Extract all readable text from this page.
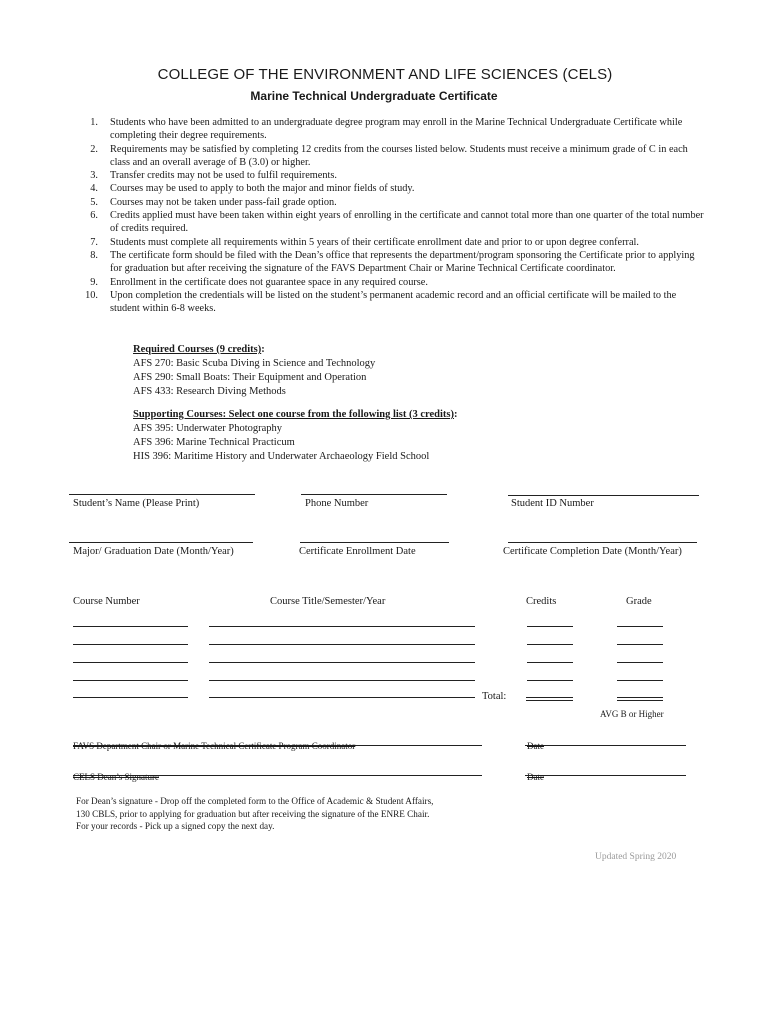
COLLEGE OF THE ENVIRONMENT AND LIFE SCIENCES (CELS)
Marine Technical Undergraduate Certificate
1. Students who have been admitted to an undergraduate degree program may enroll in the Marine Technical Undergraduate Certificate while completing their degree requirements.
2. Requirements may be satisfied by completing 12 credits from the courses listed below. Students must receive a minimum grade of C in each class and an overall average of B (3.0) or higher.
3. Transfer credits may not be used to fulfil requirements.
4. Courses may be used to apply to both the major and minor fields of study.
5. Courses may not be taken under pass-fail grade option.
6. Credits applied must have been taken within eight years of enrolling in the certificate and cannot total more than one quarter of the total number of credits required.
7. Students must complete all requirements within 5 years of their certificate enrollment date and prior to or upon degree conferral.
8. The certificate form should be filed with the Dean’s office that represents the department/program sponsoring the Certificate prior to applying for graduation but after receiving the signature of the FAVS Department Chair or Marine Technical Certificate coordinator.
9. Enrollment in the certificate does not guarantee space in any required course.
10. Upon completion the credentials will be listed on the student’s permanent academic record and an official certificate will be mailed to the student within 6-8 weeks.
Required Courses (9 credits):
AFS 270: Basic Scuba Diving in Science and Technology
AFS 290: Small Boats: Their Equipment and Operation
AFS 433: Research Diving Methods
Supporting Courses: Select one course from the following list (3 credits):
AFS 395: Underwater Photography
AFS 396: Marine Technical Practicum
HIS 396: Maritime History and Underwater Archaeology Field School
Student’s Name (Please Print)	Phone Number	Student ID Number
Major/ Graduation Date (Month/Year)	Certificate Enrollment Date	Certificate Completion Date (Month/Year)
Course Number	Course Title/Semester/Year	Credits	Grade
Total:
AVG B or Higher
FAVS Department Chair or Marine Technical Certificate Program Coordinator	Date
CELS Dean’s Signature	Date
For Dean’s signature - Drop off the completed form to the Office of Academic & Student Affairs,
130 CBLS, prior to applying for graduation but after receiving the signature of the ENRE Chair.
For your records - Pick up a signed copy the next day.
Updated Spring 2020
